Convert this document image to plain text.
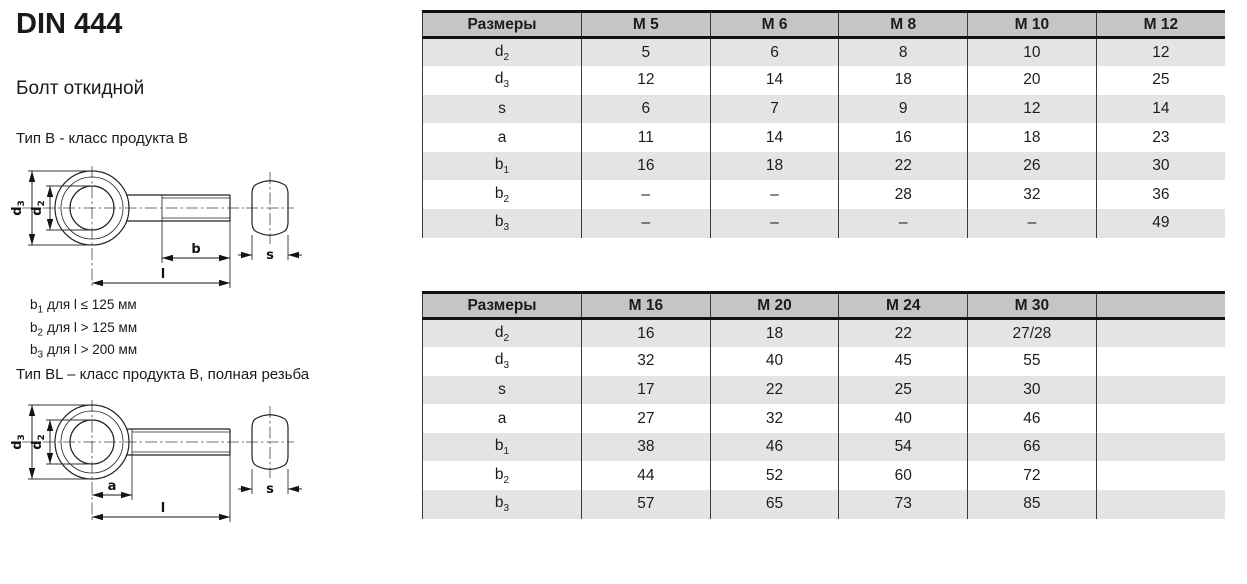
DIN 444
Болт откидной
Тип B - класс продукта B
Тип BL – класс продукта B, полная резьба
$b_1$ для l ≤ 125 мм
$b_2$ для l > 125 мм
$b_3$ для l > 200 мм
$d_3$
$d_2$
b
l
s
$d_3$
$d_2$
a
l
s
Размеры	M 5	M 6	M 8	M 10	M 12
$d_2$	5	6	8	10	12
$d_3$	12	14	18	20	25
s	6	7	9	12	14
a	11	14	16	18	23
$b_1$	16	18	22	26	30
$b_2$	–	–	28	32	36
$b_3$	–	–	–	–	49
Размеры	M 16	M 20	M 24	M 30	
$d_2$	16	18	22	27/28	
$d_3$	32	40	45	55	
s	17	22	25	30	
a	27	32	40	46	
$b_1$	38	46	54	66	
$b_2$	44	52	60	72	
$b_3$	57	65	73	85	
